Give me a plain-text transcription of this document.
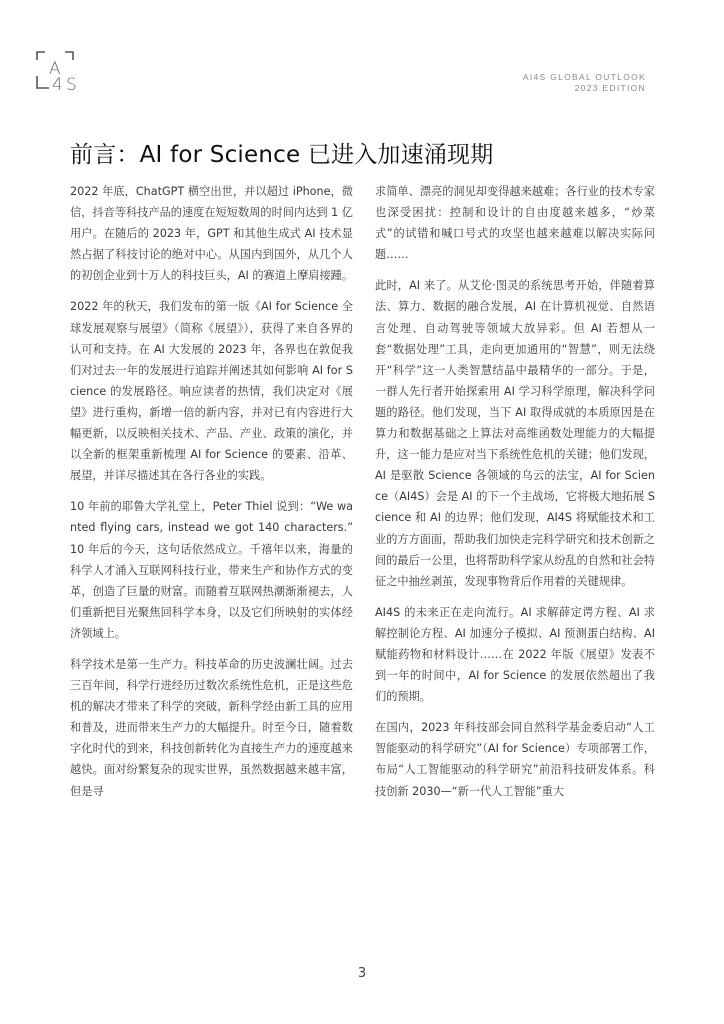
A
4 S	AI4S GLOBAL OUTLOOK
2023 EDITION
前言：AI for Science 已进入加速涌现期

2022 年底，ChatGPT 横空出世，并以超过 iPhone，微信，抖音等科技产品的速度在短短数周的时间内达到 1 亿用户。在随后的 2023 年，GPT 和其他生成式 AI 技术显然占据了科技讨论的绝对中心。从国内到国外，从几个人的初创企业到十万人的科技巨头，AI 的赛道上摩肩接踵。

2022 年的秋天，我们发布的第一版《AI for Science 全球发展观察与展望》（简称《展望》），获得了来自各界的认可和支持。在 AI 大发展的 2023 年，各界也在敦促我们对过去一年的发展进行追踪并阐述其如何影响 AI for Science 的发展路径。响应读者的热情，我们决定对《展望》进行重构，新增一倍的新内容，并对已有内容进行大幅更新，以反映相关技术、产品、产业、政策的演化，并以全新的框架重新梳理 AI for Science 的要素、沿革、展望，并详尽描述其在各行各业的实践。

10 年前的耶鲁大学礼堂上，Peter Thiel 说到：“We wanted flying cars, instead we got 140 characters.” 10 年后的今天，这句话依然成立。千禧年以来，海量的科学人才涌入互联网科技行业，带来生产和协作方式的变革，创造了巨量的财富。而随着互联网热潮渐渐褪去，人们重新把目光聚焦回科学本身，以及它们所映射的实体经济领域上。

科学技术是第一生产力。科技革命的历史波澜壮阔。过去三百年间，科学行进经历过数次系统性危机，正是这些危机的解决才带来了科学的突破，新科学经由新工具的应用和普及，进而带来生产力的大幅提升。时至今日，随着数字化时代的到来，科技创新转化为直接生产力的速度越来越快。面对纷繁复杂的现实世界，虽然数据越来越丰富，但是寻

求简单、漂亮的洞见却变得越来越难；各行业的技术专家也深受困扰：控制和设计的自由度越来越多，“炒菜式”的试错和喊口号式的攻坚也越来越难以解决实际问题……

此时，AI 来了。从艾伦·图灵的系统思考开始，伴随着算法、算力、数据的融合发展，AI 在计算机视觉、自然语言处理、自动驾驶等领域大放异彩。但 AI 若想从一套“数据处理”工具，走向更加通用的“智慧”，则无法绕开“科学”这一人类智慧结晶中最精华的一部分。于是，一群人先行者开始探索用 AI 学习科学原理，解决科学问题的路径。他们发现，当下 AI 取得成就的本质原因是在算力和数据基础之上算法对高维函数处理能力的大幅提升，这一能力是应对当下系统性危机的关键；他们发现，AI 是驱散 Science 各领域的乌云的法宝，AI for Science（AI4S）会是 AI 的下一个主战场，它将极大地拓展 Science 和 AI 的边界；他们发现，AI4S 将赋能技术和工业的方方面面，帮助我们加快走完科学研究和技术创新之间的最后一公里，也将帮助科学家从纷乱的自然和社会特征之中抽丝剥茧，发现事物背后作用着的关键规律。

AI4S 的未来正在走向流行。AI 求解薛定谔方程、AI 求解控制论方程、AI 加速分子模拟、AI 预测蛋白结构、AI 赋能药物和材料设计……在 2022 年版《展望》发表不到一年的时间中，AI for Science 的发展依然超出了我们的预期。

在国内，2023 年科技部会同自然科学基金委启动“人工智能驱动的科学研究”（AI for Science）专项部署工作，布局“人工智能驱动的科学研究”前沿科技研发体系。科技创新 2030—“新一代人工智能”重大

3
